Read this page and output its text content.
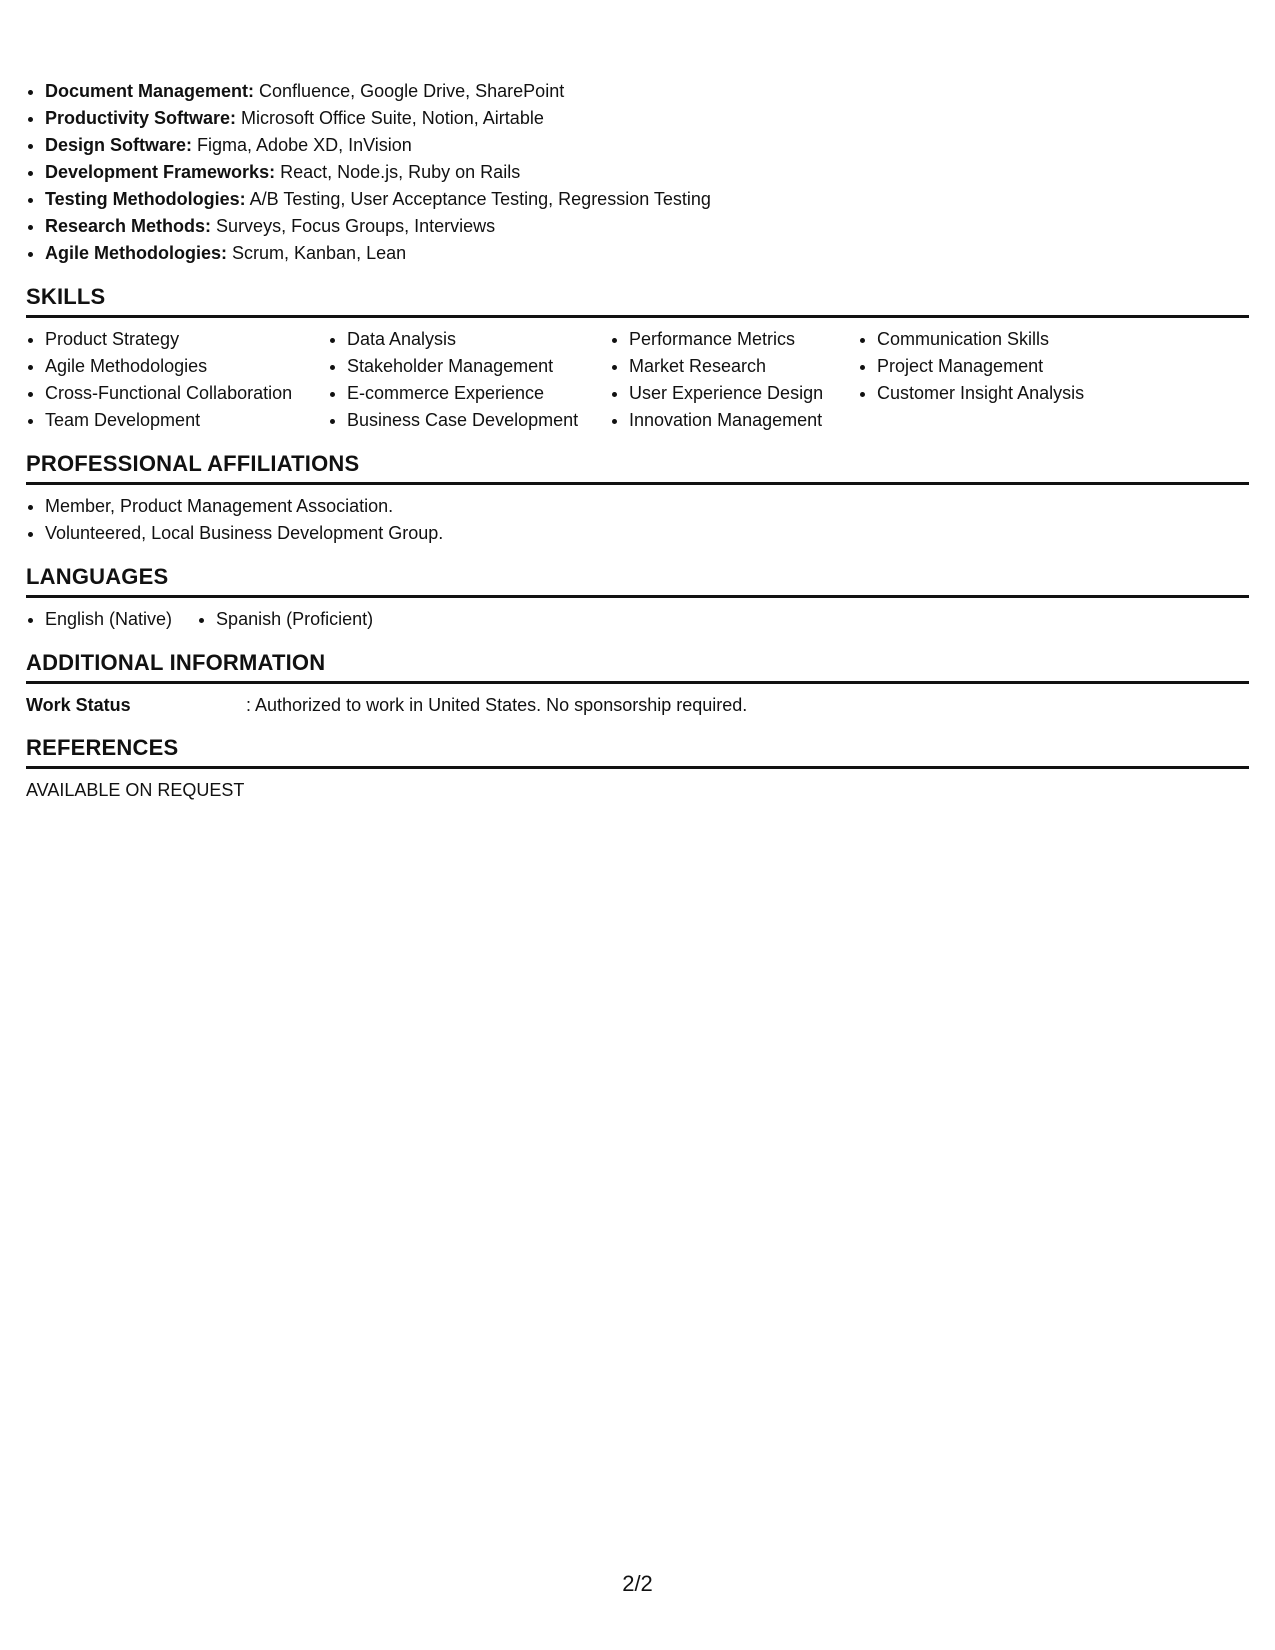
Document Management: Confluence, Google Drive, SharePoint
Productivity Software: Microsoft Office Suite, Notion, Airtable
Design Software: Figma, Adobe XD, InVision
Development Frameworks: React, Node.js, Ruby on Rails
Testing Methodologies: A/B Testing, User Acceptance Testing, Regression Testing
Research Methods: Surveys, Focus Groups, Interviews
Agile Methodologies: Scrum, Kanban, Lean
SKILLS
Product Strategy
Agile Methodologies
Cross-Functional Collaboration
Team Development
Data Analysis
Stakeholder Management
E-commerce Experience
Business Case Development
Performance Metrics
Market Research
User Experience Design
Innovation Management
Communication Skills
Project Management
Customer Insight Analysis
PROFESSIONAL AFFILIATIONS
Member, Product Management Association.
Volunteered, Local Business Development Group.
LANGUAGES
English (Native)	Spanish (Proficient)
ADDITIONAL INFORMATION
Work Status	: Authorized to work in United States. No sponsorship required.
REFERENCES
AVAILABLE ON REQUEST
2/2
